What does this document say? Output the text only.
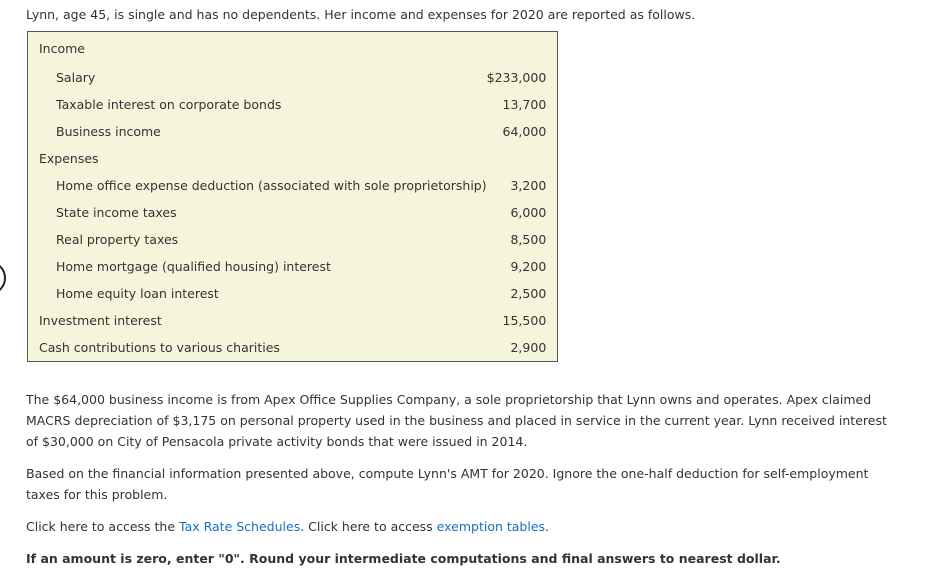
Lynn, age 45, is single and has no dependents. Her income and expenses for 2020 are reported as follows.

Income	
Salary	$233,000
Taxable interest on corporate bonds	13,700
Business income	64,000
Expenses	
Home office expense deduction (associated with sole proprietorship)	3,200
State income taxes	6,000
Real property taxes	8,500
Home mortgage (qualified housing) interest	9,200
Home equity loan interest	2,500
Investment interest	15,500
Cash contributions to various charities	2,900

The $64,000 business income is from Apex Office Supplies Company, a sole proprietorship that Lynn owns and operates. Apex claimed MACRS depreciation of $3,175 on personal property used in the business and placed in service in the current year. Lynn received interest of $30,000 on City of Pensacola private activity bonds that were issued in 2014.

Based on the financial information presented above, compute Lynn's AMT for 2020. Ignore the one-half deduction for self-employment taxes for this problem.

Click here to access the Tax Rate Schedules. Click here to access exemption tables.

If an amount is zero, enter "0". Round your intermediate computations and final answers to nearest dollar.
